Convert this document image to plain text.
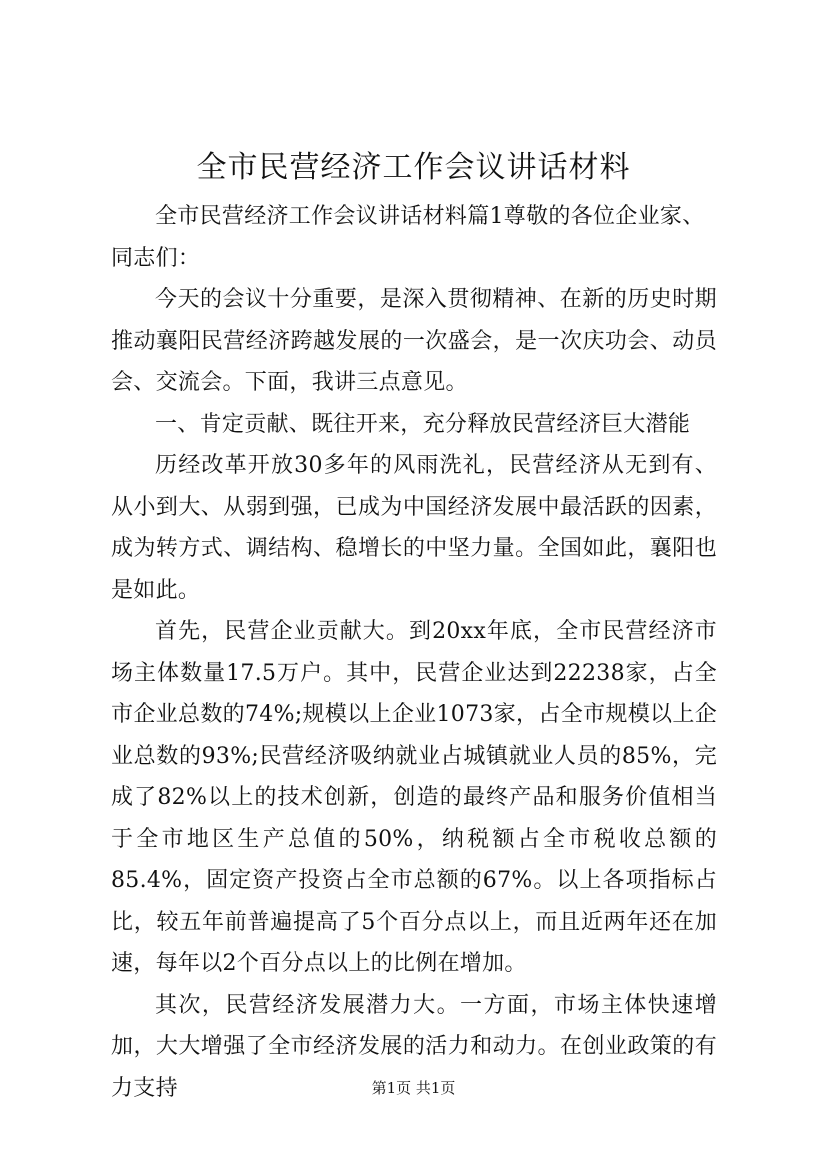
全市民营经济工作会议讲话材料

全市民营经济工作会议讲话材料篇1尊敬的各位企业家、

同志们：

今天的会议十分重要，是深入贯彻精神、在新的历史时期推动襄阳民营经济跨越发展的一次盛会，是一次庆功会、动员会、交流会。下面，我讲三点意见。

一、肯定贡献、既往开来，充分释放民营经济巨大潜能

历经改革开放30多年的风雨洗礼，民营经济从无到有、从小到大、从弱到强，已成为中国经济发展中最活跃的因素，成为转方式、调结构、稳增长的中坚力量。全国如此，襄阳也是如此。

首先，民营企业贡献大。到20xx年底，全市民营经济市场主体数量17.5万户。其中，民营企业达到22238家，占全市企业总数的74%;规模以上企业1073家，占全市规模以上企业总数的93%;民营经济吸纳就业占城镇就业人员的85%，完成了82%以上的技术创新，创造的最终产品和服务价值相当于全市地区生产总值的50%，纳税额占全市税收总额的85.4%，固定资产投资占全市总额的67%。以上各项指标占比，较五年前普遍提高了5个百分点以上，而且近两年还在加速，每年以2个百分点以上的比例在增加。

其次，民营经济发展潜力大。一方面，市场主体快速增加，大大增强了全市经济发展的活力和动力。在创业政策的有力支持	第1页 共1页
